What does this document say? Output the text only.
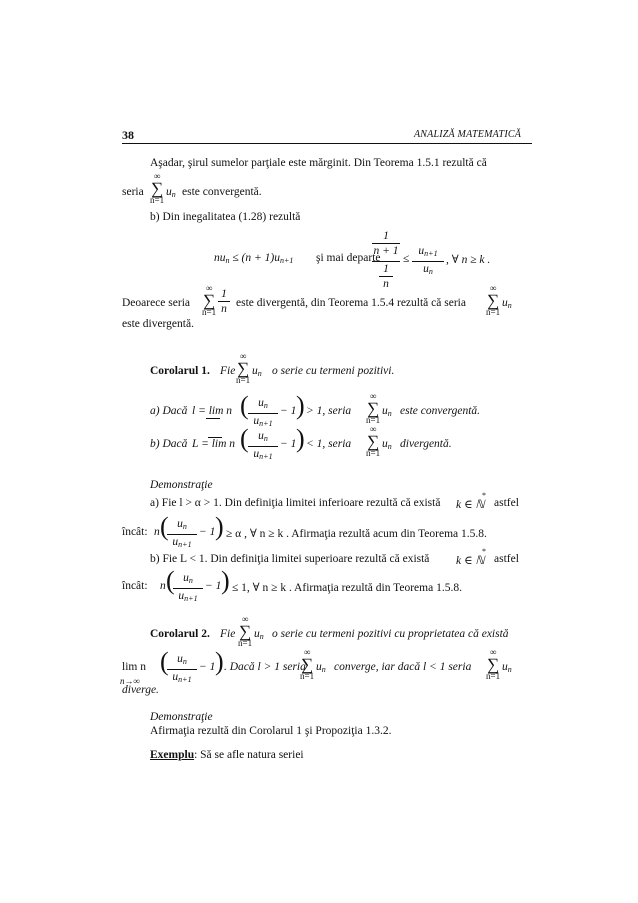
38	ANALIZĂ MATEMATICĂ
Aşadar, şirul sumelor parţiale este mărginit. Din Teorema 1.5.1 rezultă că
seria
∞
∑
n=1
$u_n$ este convergentă.
b) Din inegalitatea (1.28) rezultă
$nu_n \le (n + 1)u_{n+1}$ şi mai departe
1
n + 1
1
n
≤
$u_{n+1}$
$u_n$
, ∀ n ≥ k .
Deoarece seria
∞
∑
n=1
1
n este divergentă, din Teorema 1.5.4 rezultă că seria
∞
∑
n=1
$u_n$
este divergentă.
Corolarul 1. Fie
∞
∑
n=1
$u_n$ o serie cu termeni pozitivi.
a) Dacă l = lim n ( $u_n$
$u_{n+1}$
− 1 ) > 1, seria
∞
∑
n=1
$u_n$ este convergentă.
b) Dacă L = lim n ( $u_n$
$u_{n+1}$
− 1 ) < 1, seria
∞
∑
n=1
$u_n$ divergentă.
Demonstraţie
a) Fie l > α > 1. Din definiţia limitei inferioare rezultă că există k ∈ ℕ
*
astfel
încât: n ( $u_n$
$u_{n+1}$
− 1 ) ≥ α , ∀ n ≥ k . Afirmaţia rezultă acum din Teorema 1.5.8.
b) Fie L < 1. Din definiţia limitei superioare rezultă că există k ∈ ℕ
*
astfel
încât: n ( $u_n$
$u_{n+1}$
− 1 ) ≤ 1, ∀ n ≥ k . Afirmaţia rezultă din Teorema 1.5.8.
Corolarul 2. Fie
∞
∑
n=1
$u_n$ o serie cu termeni pozitivi cu proprietatea că există
lim n
n→∞
( $u_n$
$u_{n+1}$
− 1 ) . Dacă l > 1 seria
∞
∑
n=1
$u_n$ converge, iar dacă l < 1 seria
∞
∑
n=1
$u_n$
diverge.
Demonstraţie
Afirmaţia rezultă din Corolarul 1 şi Propoziţia 1.3.2.
Exemplu: Să se afle natura seriei
